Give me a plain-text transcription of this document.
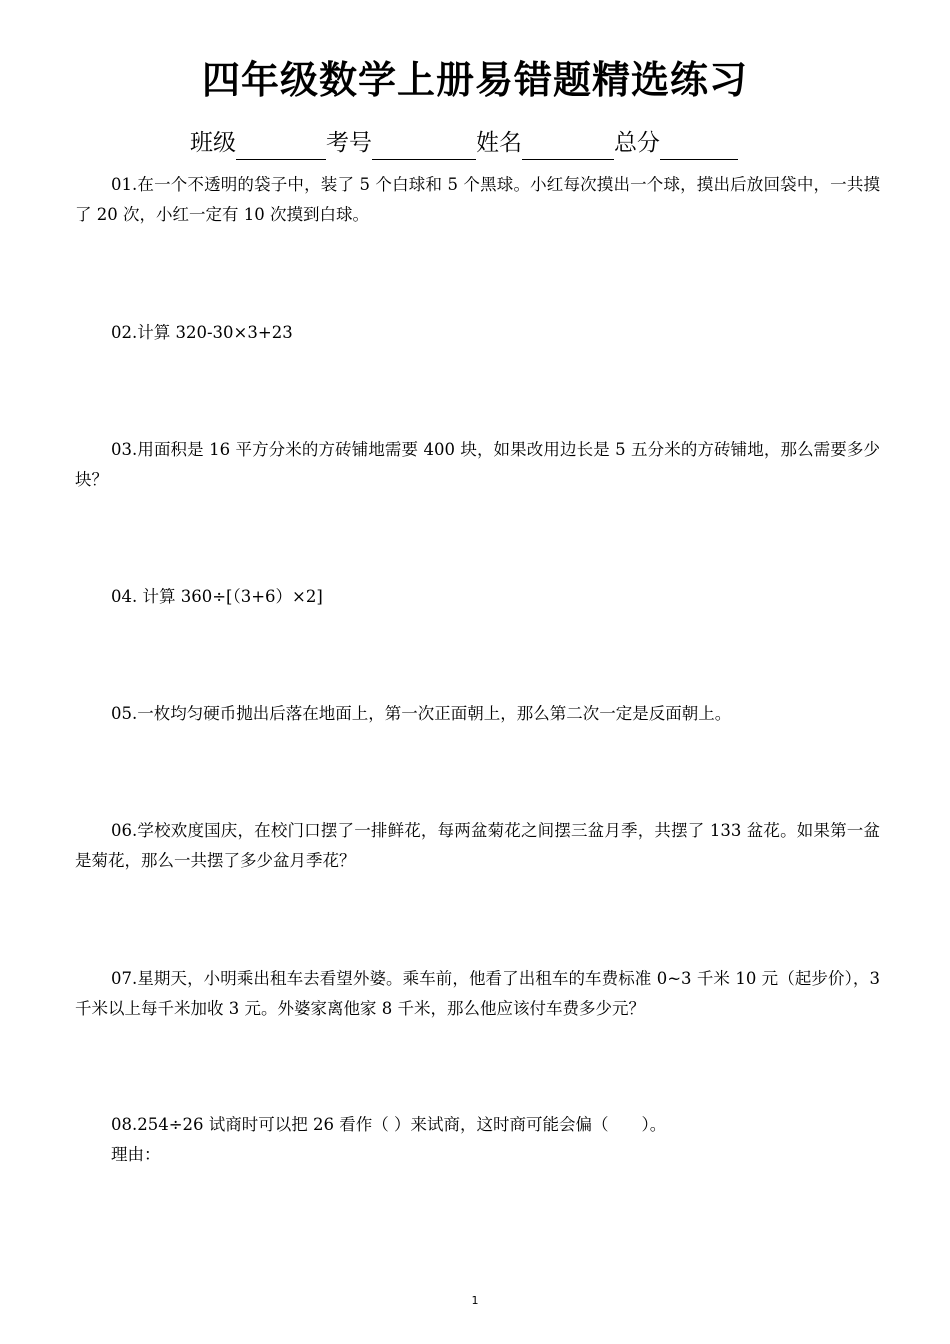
四年级数学上册易错题精选练习
班级	考号	姓名	总分
01.在一个不透明的袋子中，装了 5 个白球和 5 个黑球。小红每次摸出一个球，摸出后放回袋中，一共摸了 20 次，小红一定有 10 次摸到白球。
02.计算 320-30×3+23
03.用面积是 16 平方分米的方砖铺地需要 400 块，如果改用边长是 5 五分米的方砖铺地，那么需要多少块？
04. 计算 360÷[（3+6）×2]
05.一枚均匀硬币抛出后落在地面上，第一次正面朝上，那么第二次一定是反面朝上。
06.学校欢度国庆，在校门口摆了一排鲜花，每两盆菊花之间摆三盆月季，共摆了 133 盆花。如果第一盆是菊花，那么一共摆了多少盆月季花？
07.星期天，小明乘出租车去看望外婆。乘车前，他看了出租车的车费标准 0~3 千米 10 元（起步价），3 千米以上每千米加收 3 元。外婆家离他家 8 千米，那么他应该付车费多少元？
08.254÷26 试商时可以把 26 看作（ ）来试商，这时商可能会偏（　　）。
理由：
1
